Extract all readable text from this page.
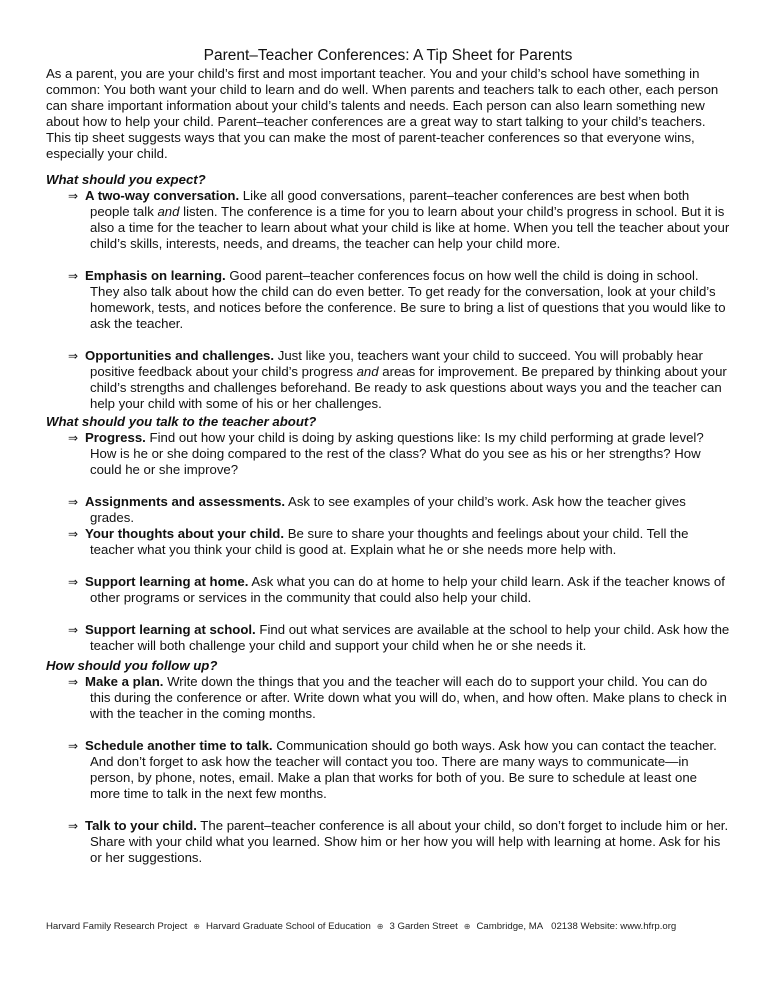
Parent–Teacher Conferences: A Tip Sheet for Parents

As a parent, you are your child’s first and most important teacher. You and your child’s school have something in common: You both want your child to learn and do well. When parents and teachers talk to each other, each person can share important information about your child’s talents and needs. Each person can also learn something new about how to help your child. Parent–teacher conferences are a great way to start talking to your child’s teachers. This tip sheet suggests ways that you can make the most of parent-teacher conferences so that everyone wins, especially your child.

What should you expect?

⇒ A two-way conversation. Like all good conversations, parent–teacher conferences are best when both people talk and listen. The conference is a time for you to learn about your child’s progress in school. But it is also a time for the teacher to learn about what your child is like at home. When you tell the teacher about your child’s skills, interests, needs, and dreams, the teacher can help your child more.

⇒ Emphasis on learning. Good parent–teacher conferences focus on how well the child is doing in school. They also talk about how the child can do even better. To get ready for the conversation, look at your child’s homework, tests, and notices before the conference. Be sure to bring a list of questions that you would like to ask the teacher.

⇒ Opportunities and challenges. Just like you, teachers want your child to succeed. You will probably hear positive feedback about your child’s progress and areas for improvement. Be prepared by thinking about your child’s strengths and challenges beforehand. Be ready to ask questions about ways you and the teacher can help your child with some of his or her challenges.

What should you talk to the teacher about?

⇒ Progress. Find out how your child is doing by asking questions like: Is my child performing at grade level? How is he or she doing compared to the rest of the class? What do you see as his or her strengths? How could he or she improve?

⇒ Assignments and assessments. Ask to see examples of your child’s work. Ask how the teacher gives grades.

⇒ Your thoughts about your child. Be sure to share your thoughts and feelings about your child. Tell the teacher what you think your child is good at. Explain what he or she needs more help with.

⇒ Support learning at home. Ask what you can do at home to help your child learn. Ask if the teacher knows of other programs or services in the community that could also help your child.

⇒ Support learning at school. Find out what services are available at the school to help your child. Ask how the teacher will both challenge your child and support your child when he or she needs it.

How should you follow up?

⇒ Make a plan. Write down the things that you and the teacher will each do to support your child. You can do this during the conference or after. Write down what you will do, when, and how often. Make plans to check in with the teacher in the coming months.

⇒ Schedule another time to talk. Communication should go both ways. Ask how you can contact the teacher. And don’t forget to ask how the teacher will contact you too. There are many ways to communicate—in person, by phone, notes, email. Make a plan that works for both of you. Be sure to schedule at least one more time to talk in the next few months.

⇒ Talk to your child. The parent–teacher conference is all about your child, so don’t forget to include him or her. Share with your child what you learned. Show him or her how you will help with learning at home. Ask for his or her suggestions.

Harvard Family Research Project ⊕ Harvard Graduate School of Education ⊕ 3 Garden Street ⊕ Cambridge, MA 02138 Website: www.hfrp.org
